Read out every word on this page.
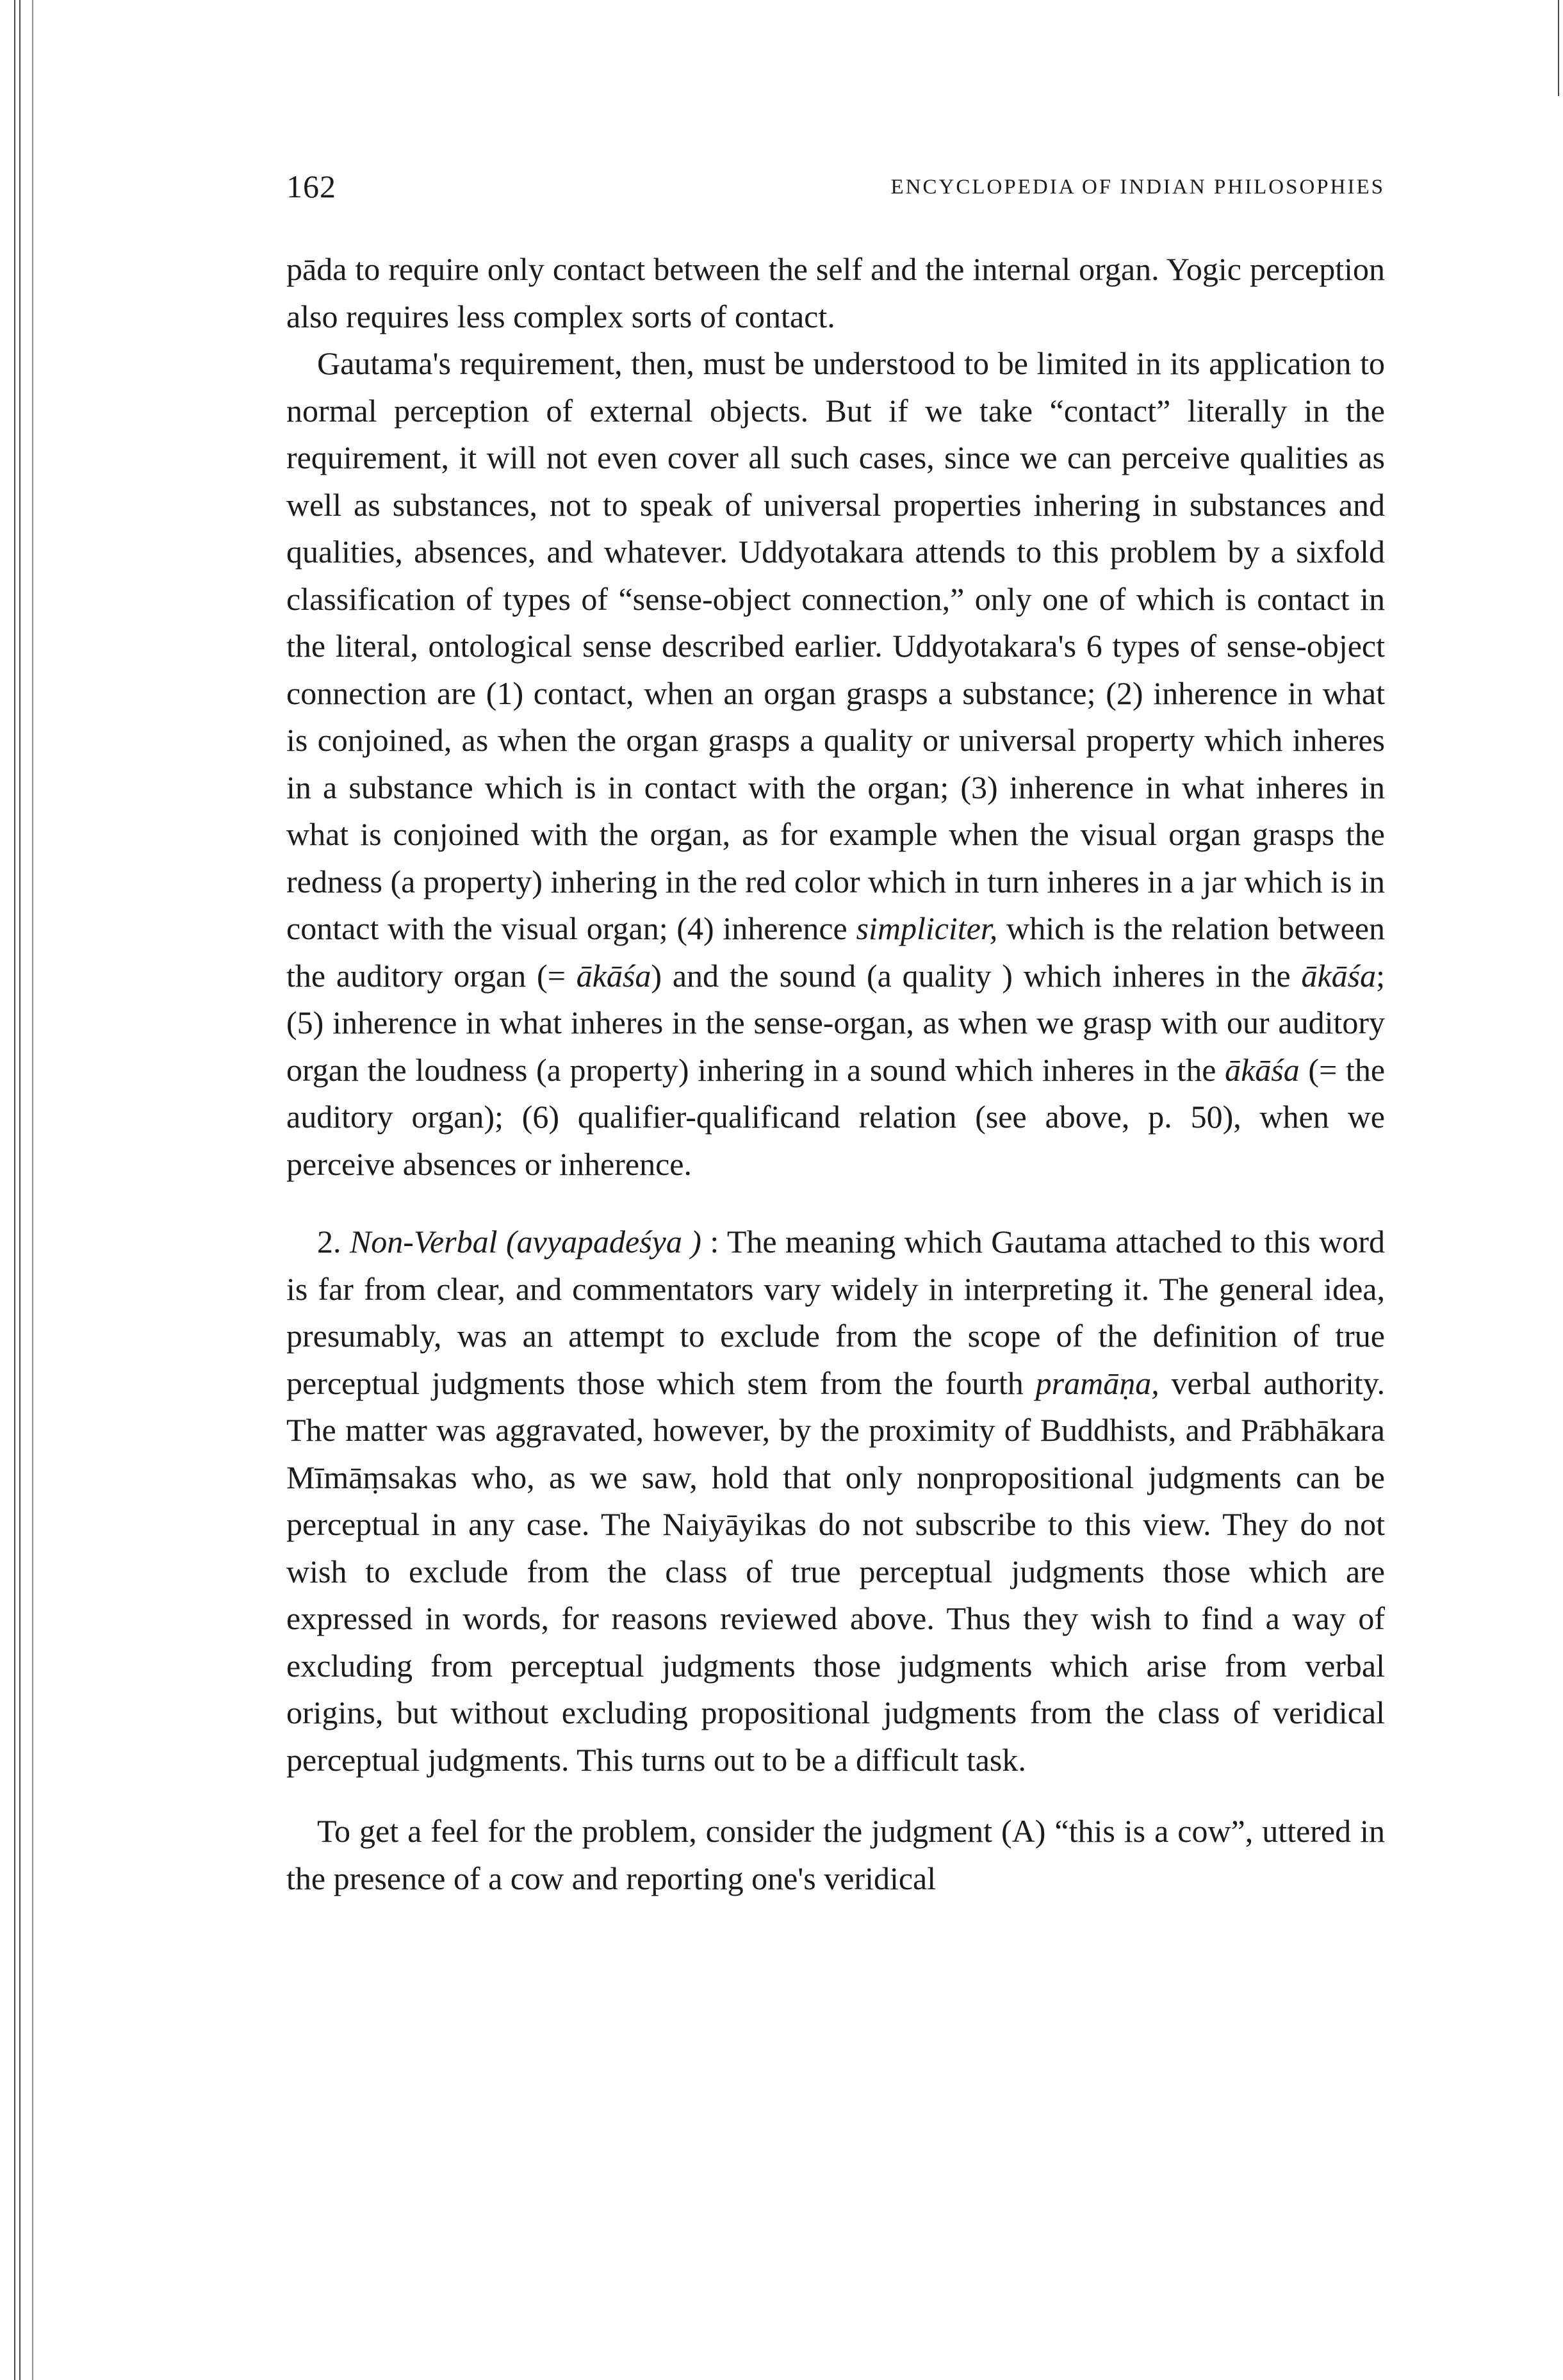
162	ENCYCLOPEDIA OF INDIAN PHILOSOPHIES

pāda to require only contact between the self and the internal organ. Yogic perception also requires less complex sorts of contact.

Gautama's requirement, then, must be understood to be limited in its application to normal perception of external objects. But if we take “contact” literally in the requirement, it will not even cover all such cases, since we can perceive qualities as well as substances, not to speak of universal properties inhering in substances and qualities, absences, and whatever. Uddyotakara attends to this problem by a sixfold classification of types of “sense-object connection,” only one of which is contact in the literal, ontological sense described earlier. Uddyotakara's 6 types of sense-object connection are (1) contact, when an organ grasps a substance; (2) inherence in what is conjoined, as when the organ grasps a quality or universal property which inheres in a substance which is in contact with the organ; (3) inherence in what inheres in what is conjoined with the organ, as for example when the visual organ grasps the redness (a property) inhering in the red color which in turn inheres in a jar which is in contact with the visual organ; (4) inherence simpliciter, which is the relation between the auditory organ (= ākāśa) and the sound (a quality ) which inheres in the ākāśa; (5) inherence in what inheres in the sense-organ, as when we grasp with our auditory organ the loudness (a property) inhering in a sound which inheres in the ākāśa (= the auditory organ); (6) qualifier-qualificand relation (see above, p. 50), when we perceive absences or inherence.

2. Non-Verbal (avyapadeśya ) : The meaning which Gautama attached to this word is far from clear, and commentators vary widely in interpreting it. The general idea, presumably, was an attempt to exclude from the scope of the definition of true perceptual judgments those which stem from the fourth pramāṇa, verbal authority. The matter was aggravated, however, by the proximity of Buddhists, and Prābhākara Mīmāṃsakas who, as we saw, hold that only nonpropositional judgments can be perceptual in any case. The Naiyāyikas do not subscribe to this view. They do not wish to exclude from the class of true perceptual judgments those which are expressed in words, for reasons reviewed above. Thus they wish to find a way of excluding from perceptual judgments those judgments which arise from verbal origins, but without excluding propositional judgments from the class of veridical perceptual judgments. This turns out to be a difficult task.

To get a feel for the problem, consider the judgment (A) “this is a cow”, uttered in the presence of a cow and reporting one's veridical
